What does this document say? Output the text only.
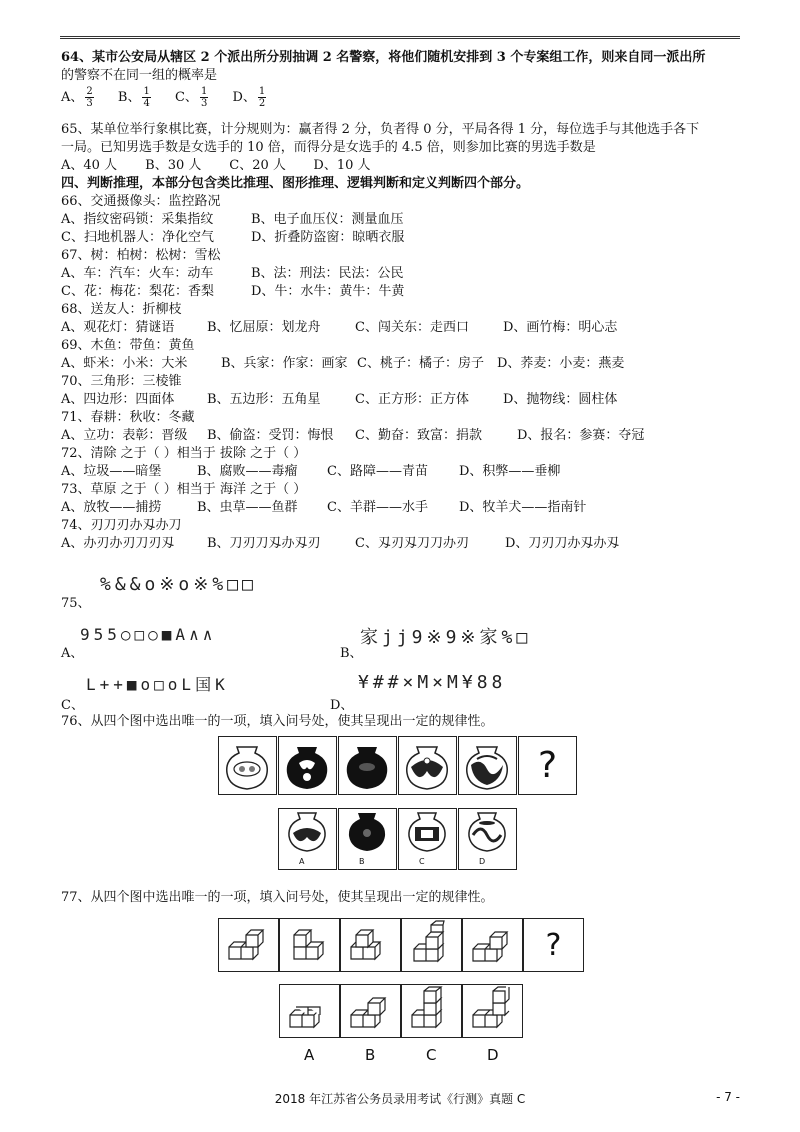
64、某市公安局从辖区 2 个派出所分别抽调 2 名警察，将他们随机安排到 3 个专案组工作，则来自同一派出所
的警察不在同一组的概率是
A、 $\frac{2}{3}$ B、 $\frac{1}{4}$ C、 $\frac{1}{3}$ D、 $\frac{1}{2}$
65、某单位举行象棋比赛，计分规则为：赢者得 2 分，负者得 0 分，平局各得 1 分，每位选手与其他选手各下
一局。已知男选手数是女选手的 10 倍，而得分是女选手的 4.5 倍，则参加比赛的男选手数是
A、40 人 B、30 人 C、20 人 D、10 人
四、判断推理，本部分包含类比推理、图形推理、逻辑判断和定义判断四个部分。
66、交通摄像头：监控路况
A、指纹密码锁：采集指纹	B、电子血压仪：测量血压
C、扫地机器人：净化空气	D、折叠防盗窗：晾晒衣服
67、树：柏树：松树：雪松
A、车：汽车：火车：动车	B、法：刑法：民法：公民
C、花：梅花：梨花：香梨	D、牛：水牛：黄牛：牛黄
68、送友人：折柳枝
A、观花灯：猜谜语	B、忆屈原：划龙舟	C、闯关东：走西口	D、画竹梅：明心志
69、木鱼：带鱼：黄鱼
A、虾米：小米：大米	B、兵家：作家：画家 C、桃子：橘子：房子 D、荞麦：小麦：燕麦
70、三角形：三棱锥
A、四边形：四面体	B、五边形：五角星	C、正方形：正方体	D、抛物线：圆柱体
71、春耕：秋收：冬藏
A、立功：表彰：晋级 B、偷盗：受罚：悔恨 C、勤奋：致富：捐款	D、报名：参赛：夺冠
72、清除 之于（ ）相当于 拔除 之于（ ）
A、垃圾——暗堡	B、腐败——毒瘤 C、路障——青苗 D、积弊——垂柳
73、草原 之于（ ）相当于 海洋 之于（ ）
A、放牧——捕捞	B、虫草——鱼群 C、羊群——水手 D、牧羊犬——指南针
74、刃刀刃办刄办刀
A、办刃办刃刀刃刄	B、刀刃刀刄办刄刃	C、刄刃刄刀刀办刃	D、刀刃刀办刄办刄
%&&o※o※%□□
75、
955○□○■A∧∧
A、
家jj9※9※家%□
B、
L++■o□oL国K
C、
¥##×M×M¥88
D、
76、从四个图中选出唯一的一项，填入问号处，使其呈现出一定的规律性。
?
A	B	C	D
77、从四个图中选出唯一的一项，填入问号处，使其呈现出一定的规律性。
?
A	B	C	D
2018 年江苏省公务员录用考试《行测》真题 C	- 7 -
